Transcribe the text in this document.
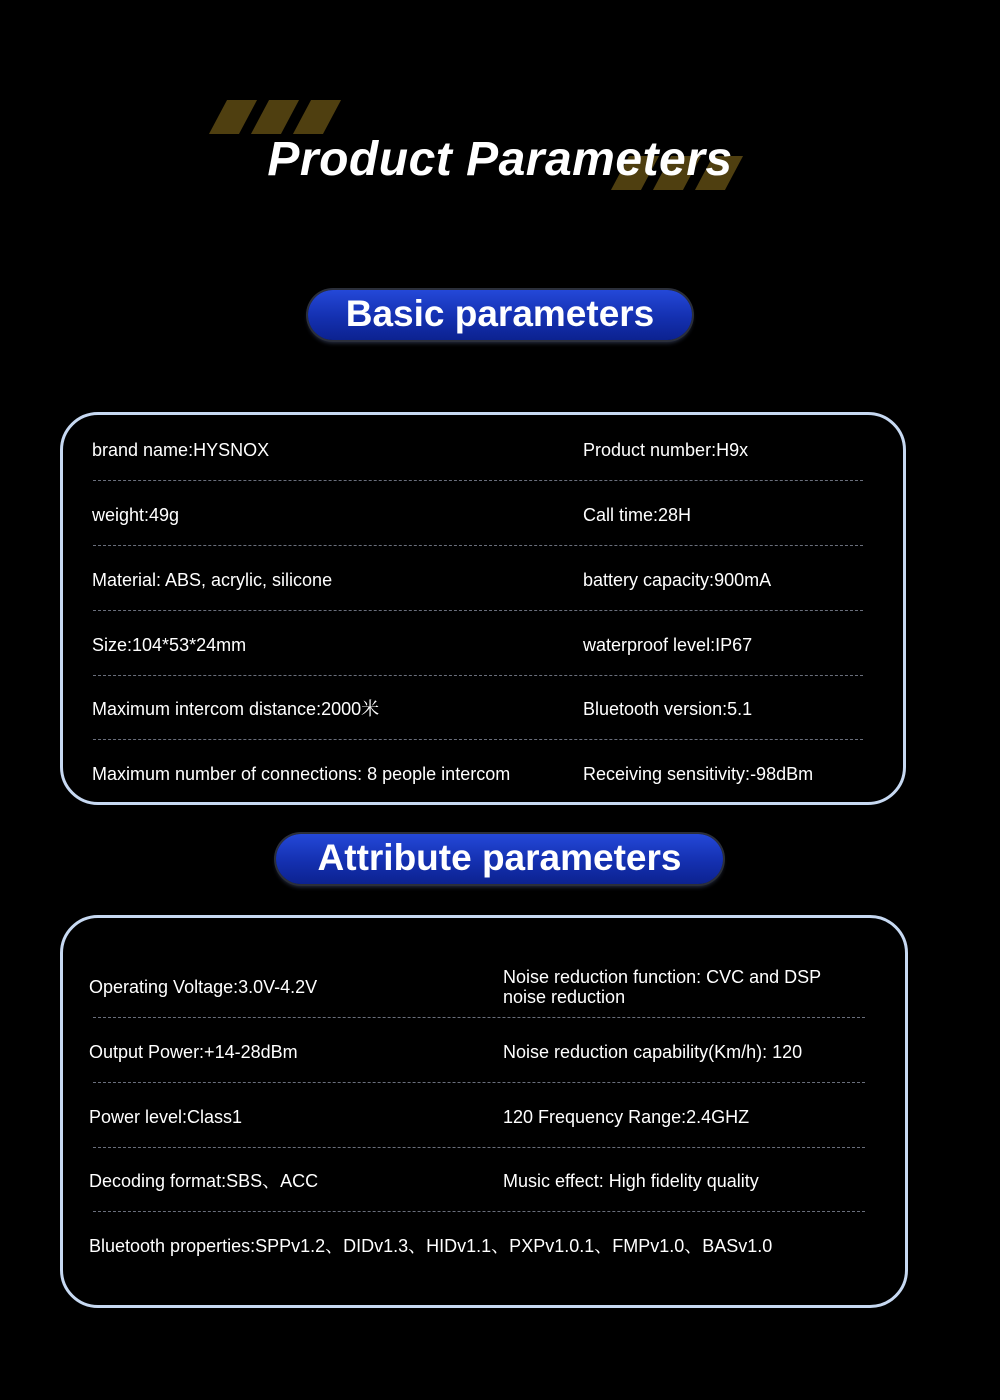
Product Parameters
Basic parameters
brand name:HYSNOX	Product number:H9x
weight:49g	Call time:28H
Material: ABS, acrylic, silicone	battery capacity:900mA
Size:104*53*24mm	waterproof level:IP67
Maximum intercom distance:2000米	Bluetooth version:5.1
Maximum number of connections: 8 people intercom	Receiving sensitivity:-98dBm
Attribute parameters
Operating Voltage:3.0V-4.2V	Noise reduction function: CVC and DSP noise reduction
Output Power:+14-28dBm	Noise reduction capability(Km/h): 120
Power level:Class1	120 Frequency Range:2.4GHZ
Decoding format:SBS、ACC	Music effect: High fidelity quality
Bluetooth properties:SPPv1.2、DIDv1.3、HIDv1.1、PXPv1.0.1、FMPv1.0、BASv1.0
